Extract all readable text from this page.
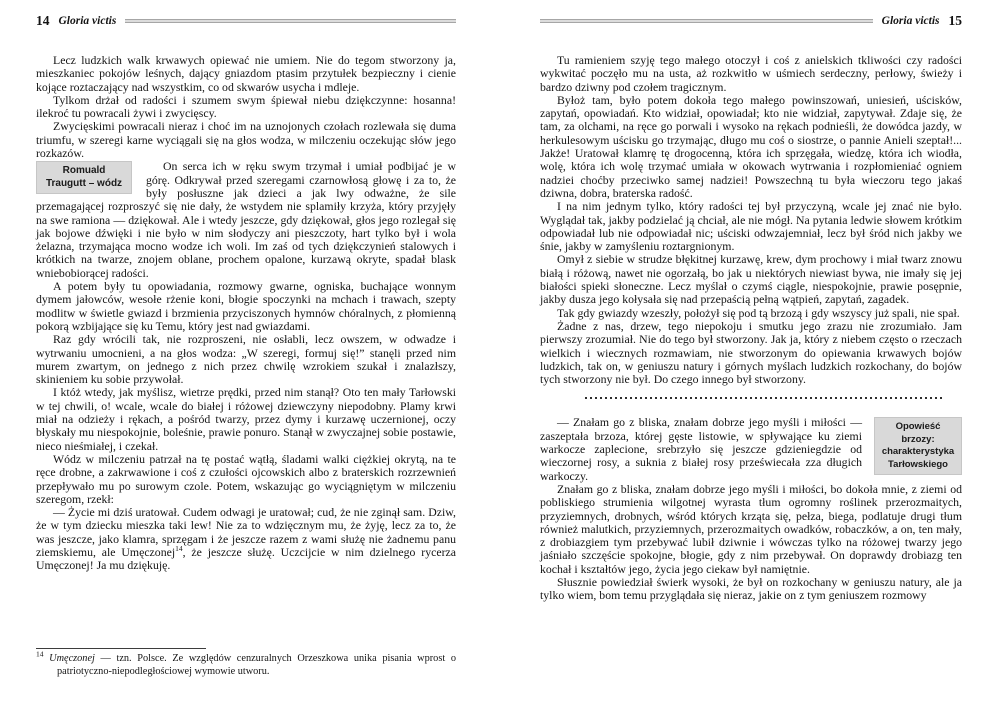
14 Gloria victis

Lecz ludzkich walk krwawych opiewać nie umiem. Nie do tegom stworzony ja, mieszkaniec pokojów leśnych, dający gniazdom ptasim przytułek bezpieczny i cienie kojące roztaczający nad wszystkim, co od skwarów usycha i mdleje.

Tylkom drżał od radości i szumem swym śpiewał niebu dziękczynne: hosanna! ilekroć tu powracali żywi i zwycięscy.

Zwycięskimi powracali nieraz i choć im na uznojonych czołach rozlewała się duma triumfu, w szeregi karne wyciągali się na głos wodza, w milczeniu oczekując słów jego rozkazów.

Romuald
Traugutt – wódz
On serca ich w ręku swym trzymał i umiał podbijać je w górę. Odkrywał przed szeregami czarnowłosą głowę i za to, że były posłuszne jak dzieci a jak lwy odważne, że sile przemagającej rozproszyć się nie dały, że wstydem nie splamiły krzyża, który przyjęły na swe ramiona — dziękował. Ale i wtedy jeszcze, gdy dziękował, głos jego rozlegał się jak bojowe dźwięki i nie było w nim słodyczy ani pieszczoty, hart tylko był i wola żelazna, trzymająca mocno wodze ich woli. Im zaś od tych dziękczynień stalowych i krótkich na twarze, znojem oblane, prochem opalone, kurzawą okryte, spadał blask wniebobiorącej radości.

A potem były tu opowiadania, rozmowy gwarne, ogniska, buchające wonnym dymem jałowców, wesołe rżenie koni, błogie spoczynki na mchach i trawach, szepty modlitw w świetle gwiazd i brzmienia przyciszonych hymnów chóralnych, z płomienną pokorą wzbijające się ku Temu, który jest nad gwiazdami.

Raz gdy wrócili tak, nie rozproszeni, nie osłabli, lecz owszem, w odwadze i wytrwaniu umocnieni, a na głos wodza: „W szeregi, formuj się!” stanęli przed nim murem zwartym, on jednego z nich przez chwilę wzrokiem szukał i znalazłszy, skinieniem ku sobie przywołał.

I któż wtedy, jak myślisz, wietrze prędki, przed nim stanął? Oto ten mały Tarłowski w tej chwili, o! wcale, wcale do białej i różowej dziewczyny niepodobny. Plamy krwi miał na odzieży i rękach, a pośród twarzy, przez dymy i kurzawę uczernionej, oczy błyskały mu niespokojnie, boleśnie, prawie ponuro. Stanął w zwyczajnej sobie postawie, nieco nieśmiałej, i czekał.

Wódz w milczeniu patrzał na tę postać wątłą, śladami walki ciężkiej okrytą, na te ręce drobne, a zakrwawione i coś z czułości ojcowskich albo z braterskich rozrzewnień przepływało mu po surowym czole. Potem, wskazując go wyciągniętym w milczeniu szeregom, rzekł:

— Życie mi dziś uratował. Cudem odwagi je uratował; cud, że nie zginął sam. Dziw, że w tym dziecku mieszka taki lew! Nie za to wdzięcznym mu, że żyję, lecz za to, że was jeszcze, jako klamra, sprzęgam i że jeszcze razem z wami służę nie żadnemu panu ziemskiemu, ale Umęczonej$^{14}$, że jeszcze służę. Uczcijcie w nim dzielnego rycerza Umęczonej! Ja mu dziękuję.

$^{14}$ Umęczonej — tzn. Polsce. Ze względów cenzuralnych Orzeszkowa unika pisania wprost o patriotyczno-niepodległościowej wymowie utworu.

Gloria victis 15

Tu ramieniem szyję tego małego otoczył i coś z anielskich tkliwości czy radości wykwitać poczęło mu na usta, aż rozkwitło w uśmiech serdeczny, perłowy, świeży i bardzo dziwny pod czołem tragicznym.

Byłoż tam, było potem dokoła tego małego powinszowań, uniesień, uścisków, zapytań, opowiadań. Kto widział, opowiadał; kto nie widział, zapytywał. Zdaje się, że tam, za olchami, na ręce go porwali i wysoko na rękach podnieśli, że dowódca jazdy, w herkulesowym uścisku go trzymając, długo mu coś o siostrze, o pannie Anieli szeptał!... Jakże! Uratował klamrę tę drogocenną, która ich sprzęgała, wiedzę, która ich wiodła, wolę, która ich wolę trzymać umiała w okowach wytrwania i rozpłomieniać ogniem nadziei choćby przeciwko samej nadziei! Powszechną tu była wieczoru tego jakaś dziwna, dobra, braterska radość.

I na nim jednym tylko, który radości tej był przyczyną, wcale jej znać nie było. Wyglądał tak, jakby podzielać ją chciał, ale nie mógł. Na pytania ledwie słowem krótkim odpowiadał lub nie odpowiadał nic; uściski odwzajemniał, lecz był śród nich jakby we śnie, jakby w zamyśleniu roztargnionym.

Omył z siebie w strudze błękitnej kurzawę, krew, dym prochowy i miał twarz znowu białą i różową, nawet nie ogorzałą, bo jak u niektórych niewiast bywa, nie imały się jej białości spieki słoneczne. Lecz myślał o czymś ciągle, niespokojnie, prawie posępnie, jakby dusza jego kołysała się nad przepaścią pełną wątpień, zapytań, zagadek.

Tak gdy gwiazdy wzeszły, położył się pod tą brzozą i gdy wszyscy już spali, nie spał.

Żadne z nas, drzew, tego niepokoju i smutku jego zrazu nie zrozumiało. Jam pierwszy zrozumiał. Nie do tego był stworzony. Jak ja, który z niebem często o rzeczach wielkich i wiecznych rozmawiam, nie stworzonym do opiewania krwawych bojów ludzkich, tak on, w geniuszu natury i górnych myślach ludzkich rozkochany, do bojów tych stworzony nie był. Do czego innego był stworzony.

Opowieść
brzozy:
charakterystyka
Tarłowskiego
— Znałam go z bliska, znałam dobrze jego myśli i miłości — zaszeptała brzoza, której gęste listowie, w spływające ku ziemi warkocze zaplecione, srebrzyło się jeszcze gdzieniegdzie od wieczornej rosy, a suknia z białej rosy przeświecała zza długich warkoczy.

Znałam go z bliska, znałam dobrze jego myśli i miłości, bo dokoła mnie, z ziemi od pobliskiego strumienia wilgotnej wyrasta tłum ogromny roślinek przerozmaitych, przyziemnych, drobnych, wśród których krząta się, pełza, biega, podlatuje drugi tłum również malutkich, przyziemnych, przerozmaitych owadków, robaczków, a on, ten mały, z drobiazgiem tym przebywać lubił dziwnie i wówczas tylko na różowej twarzy jego jaśniało szczęście spokojne, błogie, gdy z nim przebywał. On doprawdy drobiazg ten kochał i kształtów jego, życia jego ciekaw był namiętnie.

Słusznie powiedział świerk wysoki, że był on rozkochany w geniuszu natury, ale ja tylko wiem, bom temu przyglądała się nieraz, jakie on z tym geniuszem rozmowy
